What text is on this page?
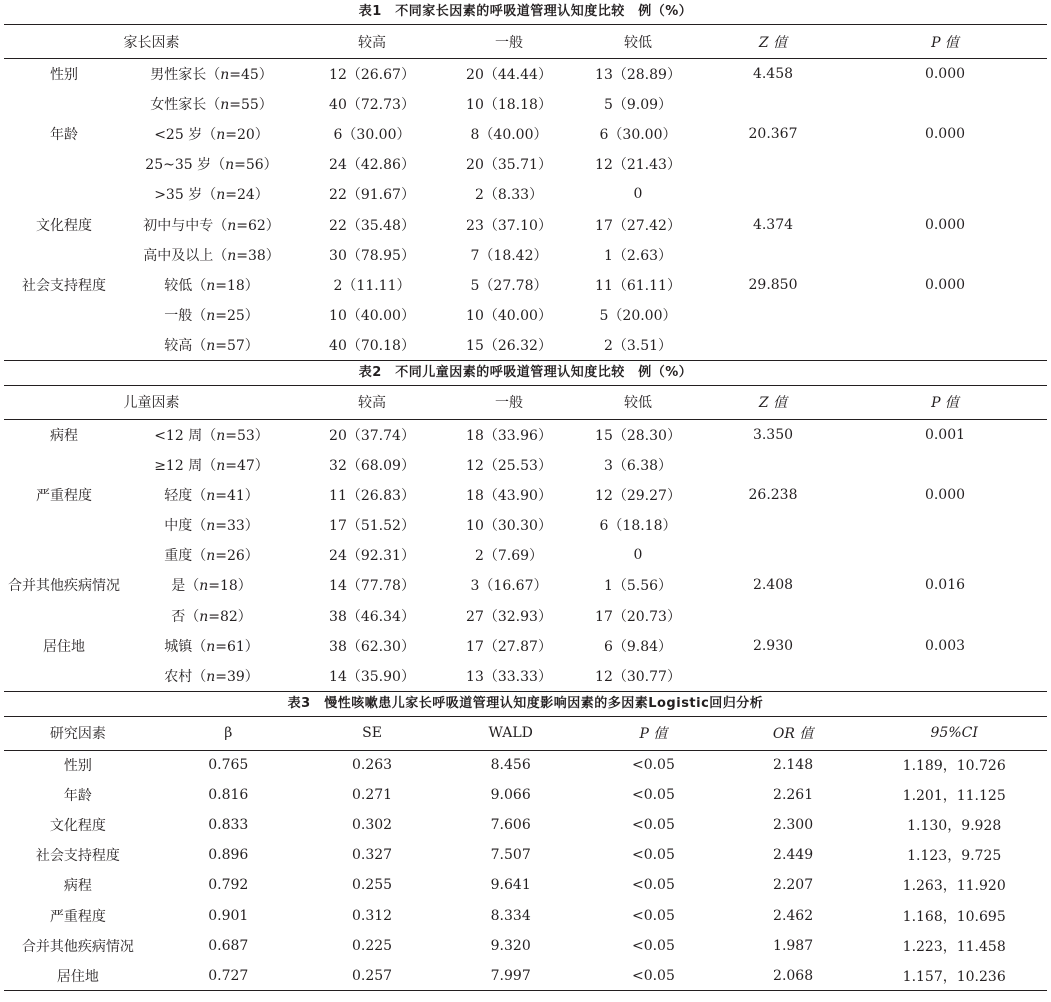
表1　不同家长因素的呼吸道管理认知度比较　例（%）
家长因素		较高	一般	较低	Z 值	P 值
性别	男性家长（n=45）	12（26.67）	20（44.44）	13（28.89）	4.458	0.000
	女性家长（n=55）	40（72.73）	10（18.18）	5（9.09）		
年龄	<25 岁（n=20）	6（30.00）	8（40.00）	6（30.00）	20.367	0.000
	25~35 岁（n=56）	24（42.86）	20（35.71）	12（21.43）		
	>35 岁（n=24）	22（91.67）	2（8.33）	0		
文化程度	初中与中专（n=62）	22（35.48）	23（37.10）	17（27.42）	4.374	0.000
	高中及以上（n=38）	30（78.95）	7（18.42）	1（2.63）		
社会支持程度	较低（n=18）	2（11.11）	5（27.78）	11（61.11）	29.850	0.000
	一般（n=25）	10（40.00）	10（40.00）	5（20.00）		
	较高（n=57）	40（70.18）	15（26.32）	2（3.51）		
表2　不同儿童因素的呼吸道管理认知度比较　例（%）
儿童因素		较高	一般	较低	Z 值	P 值
病程	<12 周（n=53）	20（37.74）	18（33.96）	15（28.30）	3.350	0.001
	≥12 周（n=47）	32（68.09）	12（25.53）	3（6.38）		
严重程度	轻度（n=41）	11（26.83）	18（43.90）	12（29.27）	26.238	0.000
	中度（n=33）	17（51.52）	10（30.30）	6（18.18）		
	重度（n=26）	24（92.31）	2（7.69）	0		
合并其他疾病情况	是（n=18）	14（77.78）	3（16.67）	1（5.56）	2.408	0.016
	否（n=82）	38（46.34）	27（32.93）	17（20.73）		
居住地	城镇（n=61）	38（62.30）	17（27.87）	6（9.84）	2.930	0.003
	农村（n=39）	14（35.90）	13（33.33）	12（30.77）		
表3　慢性咳嗽患儿家长呼吸道管理认知度影响因素的多因素Logistic回归分析
研究因素	β	SE	WALD	P 值	OR 值	95%CI
性别	0.765	0.263	8.456	<0.05	2.148	1.189，10.726
年龄	0.816	0.271	9.066	<0.05	2.261	1.201，11.125
文化程度	0.833	0.302	7.606	<0.05	2.300	1.130，9.928
社会支持程度	0.896	0.327	7.507	<0.05	2.449	1.123，9.725
病程	0.792	0.255	9.641	<0.05	2.207	1.263，11.920
严重程度	0.901	0.312	8.334	<0.05	2.462	1.168，10.695
合并其他疾病情况	0.687	0.225	9.320	<0.05	1.987	1.223，11.458
居住地	0.727	0.257	7.997	<0.05	2.068	1.157，10.236
